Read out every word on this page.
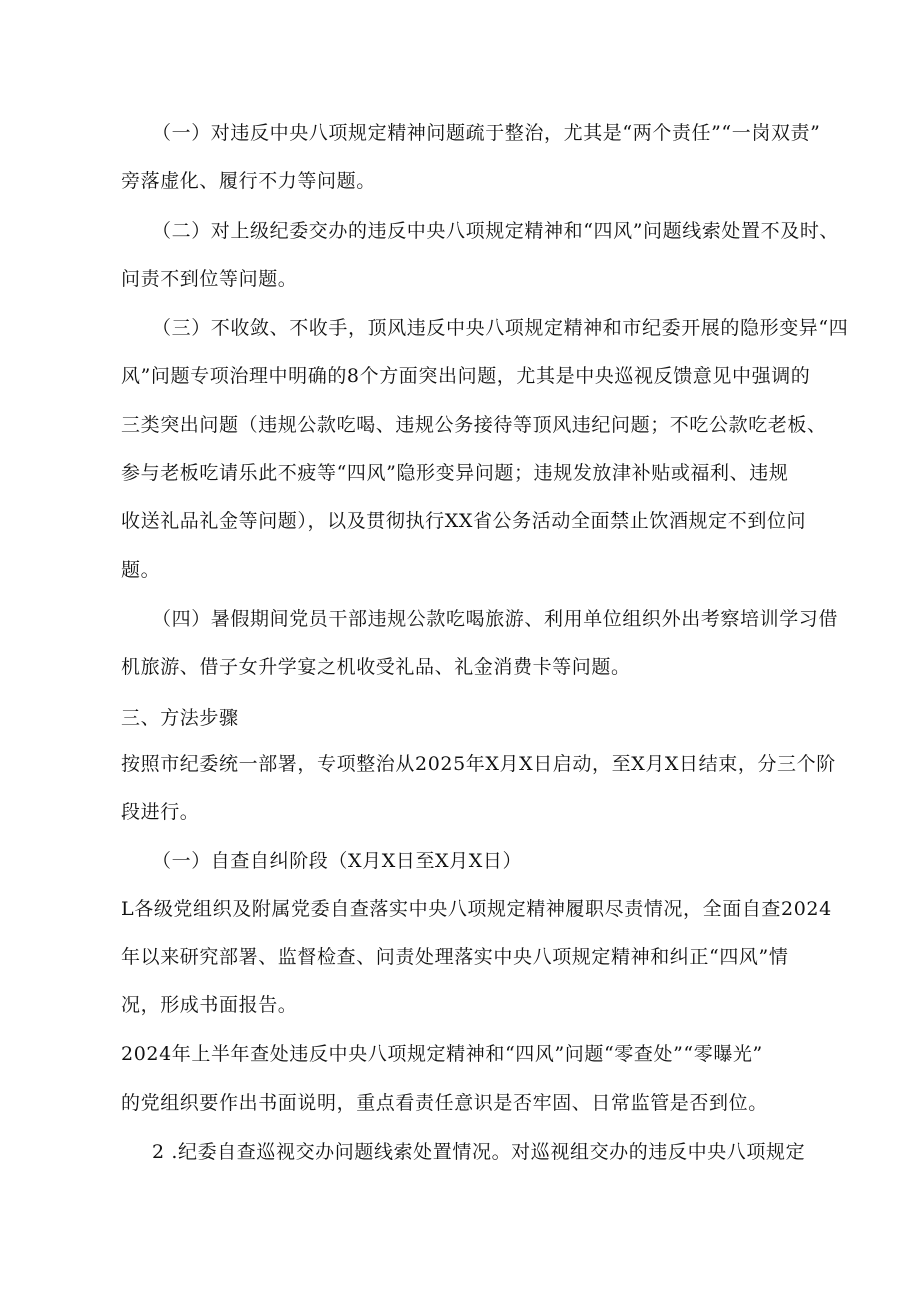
（一）对违反中央八项规定精神问题疏于整治，尤其是“两个责任”“一岗双责”
旁落虚化、履行不力等问题。
（二）对上级纪委交办的违反中央八项规定精神和“四风”问题线索处置不及时、
问责不到位等问题。
（三）不收敛、不收手，顶风违反中央八项规定精神和市纪委开展的隐形变异“四
风”问题专项治理中明确的8个方面突出问题，尤其是中央巡视反馈意见中强调的
三类突出问题（违规公款吃喝、违规公务接待等顶风违纪问题；不吃公款吃老板、
参与老板吃请乐此不疲等“四风”隐形变异问题；违规发放津补贴或福利、违规
收送礼品礼金等问题），以及贯彻执行XX省公务活动全面禁止饮酒规定不到位问
题。
（四）暑假期间党员干部违规公款吃喝旅游、利用单位组织外出考察培训学习借
机旅游、借子女升学宴之机收受礼品、礼金消费卡等问题。
三、方法步骤
按照市纪委统一部署，专项整治从2025年X月X日启动，至X月X日结束，分三个阶
段进行。
（一）自查自纠阶段（X月X日至X月X日）
L各级党组织及附属党委自查落实中央八项规定精神履职尽责情况，全面自查2024
年以来研究部署、监督检查、问责处理落实中央八项规定精神和纠正“四风”情
况，形成书面报告。
2024年上半年查处违反中央八项规定精神和“四风”问题“零查处”“零曝光”
的党组织要作出书面说明，重点看责任意识是否牢固、日常监管是否到位。
2 .纪委自查巡视交办问题线索处置情况。对巡视组交办的违反中央八项规定
